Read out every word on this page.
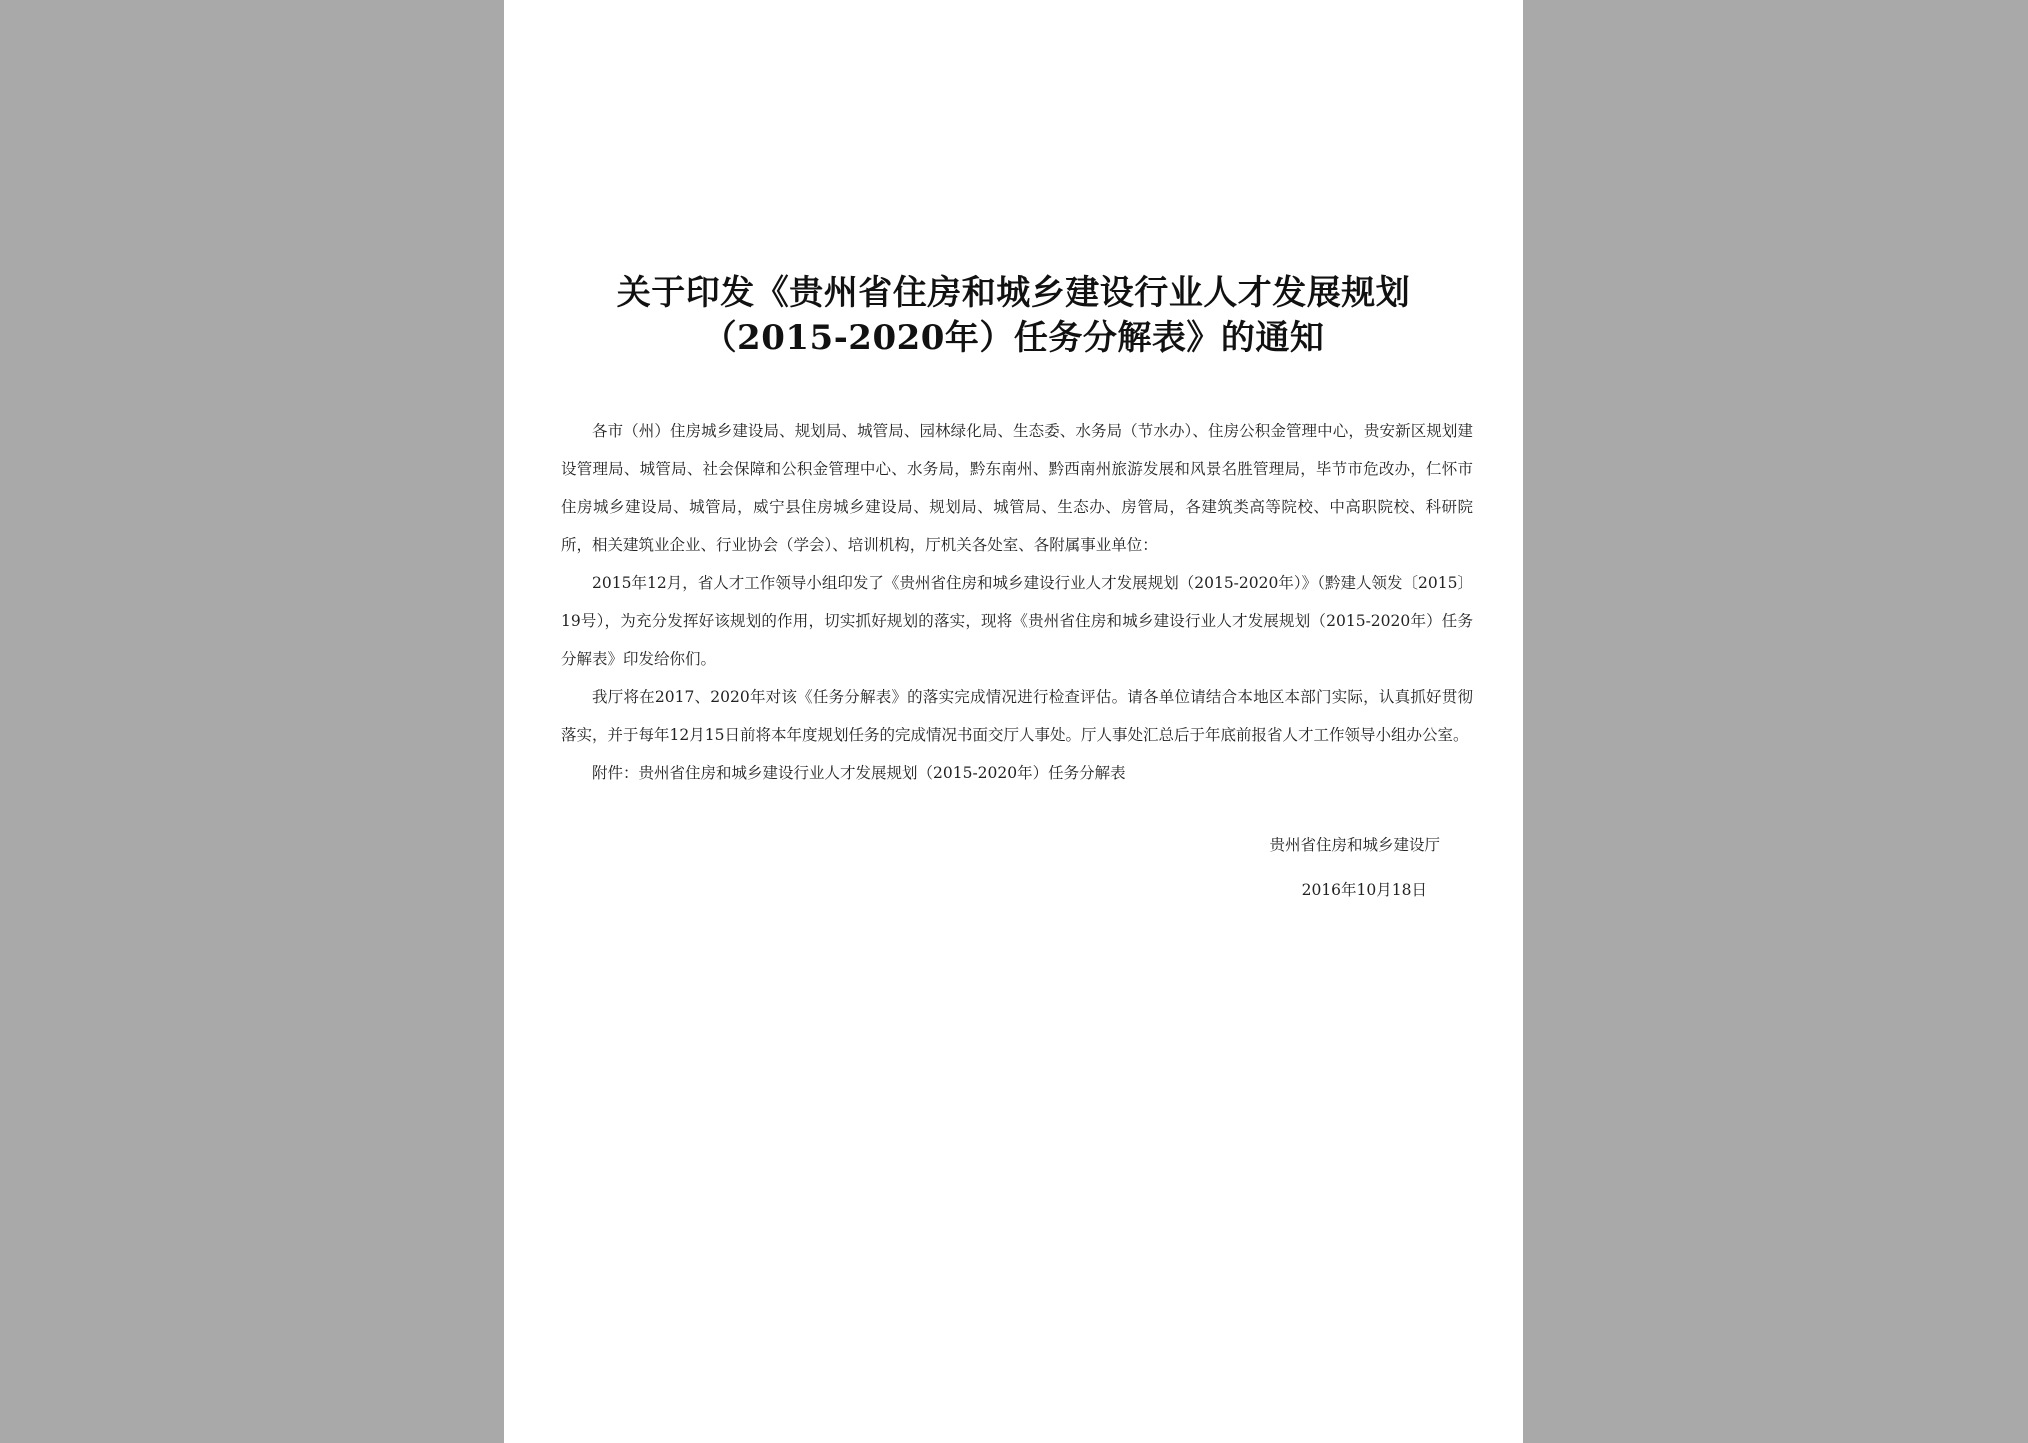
关于印发《贵州省住房和城乡建设行业人才发展规划
（2015-2020年）任务分解表》的通知

各市（州）住房城乡建设局、规划局、城管局、园林绿化局、生态委、水务局（节水办）、住房公积金管理中心，贵安新区规划建设管理局、城管局、社会保障和公积金管理中心、水务局，黔东南州、黔西南州旅游发展和风景名胜管理局，毕节市危改办，仁怀市住房城乡建设局、城管局，威宁县住房城乡建设局、规划局、城管局、生态办、房管局，各建筑类高等院校、中高职院校、科研院所，相关建筑业企业、行业协会（学会）、培训机构，厅机关各处室、各附属事业单位：

2015年12月，省人才工作领导小组印发了《贵州省住房和城乡建设行业人才发展规划（2015-2020年）》（黔建人领发〔2015〕19号），为充分发挥好该规划的作用，切实抓好规划的落实，现将《贵州省住房和城乡建设行业人才发展规划（2015-2020年）任务分解表》印发给你们。

我厅将在2017、2020年对该《任务分解表》的落实完成情况进行检查评估。请各单位请结合本地区本部门实际，认真抓好贯彻落实，并于每年12月15日前将本年度规划任务的完成情况书面交厅人事处。厅人事处汇总后于年底前报省人才工作领导小组办公室。

附件：贵州省住房和城乡建设行业人才发展规划（2015-2020年）任务分解表

贵州省住房和城乡建设厅
2016年10月18日
